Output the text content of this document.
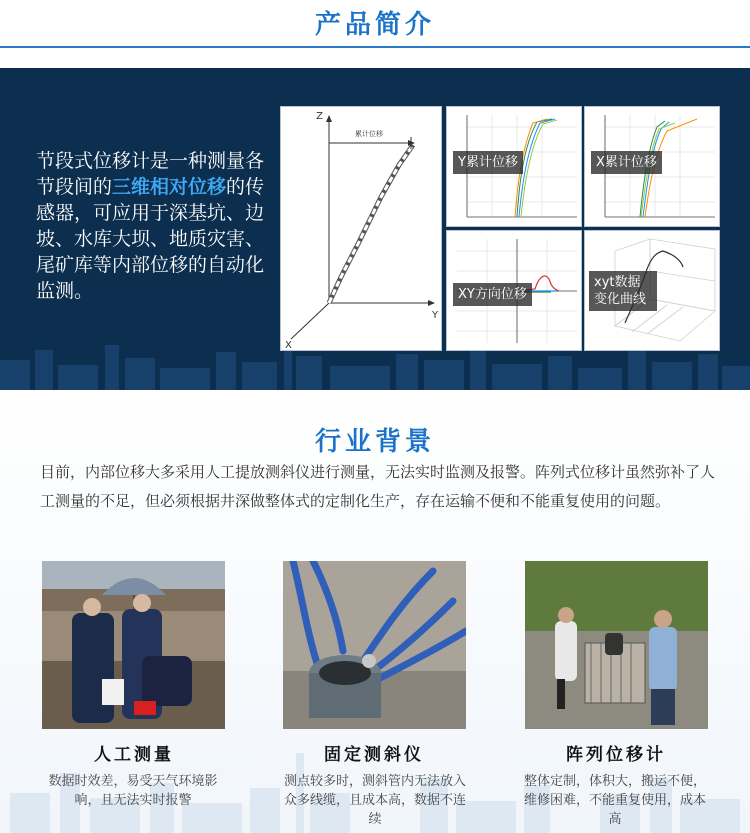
产品简介
节段式位移计是一种测量各节段间的三维相对位移的传感器，可应用于深基坑、边坡、水库大坝、地质灾害、尾矿库等内部位移的自动化监测。
Z
Y
X
累计位移
Y累计位移	X累计位移
XY方向位移
xyt数据变化曲线
行业背景
目前，内部位移大多采用人工提放测斜仪进行测量，无法实时监测及报警。阵列式位移计虽然弥补了人工测量的不足，但必须根据井深做整体式的定制化生产，存在运输不便和不能重复使用的问题。
人工测量	固定测斜仪	阵列位移计
数据时效差，易受天气环境影响，且无法实时报警
测点较多时，测斜管内无法放入众多线缆，且成本高，数据不连续
整体定制，体积大，搬运不便，维修困难，不能重复使用，成本高
